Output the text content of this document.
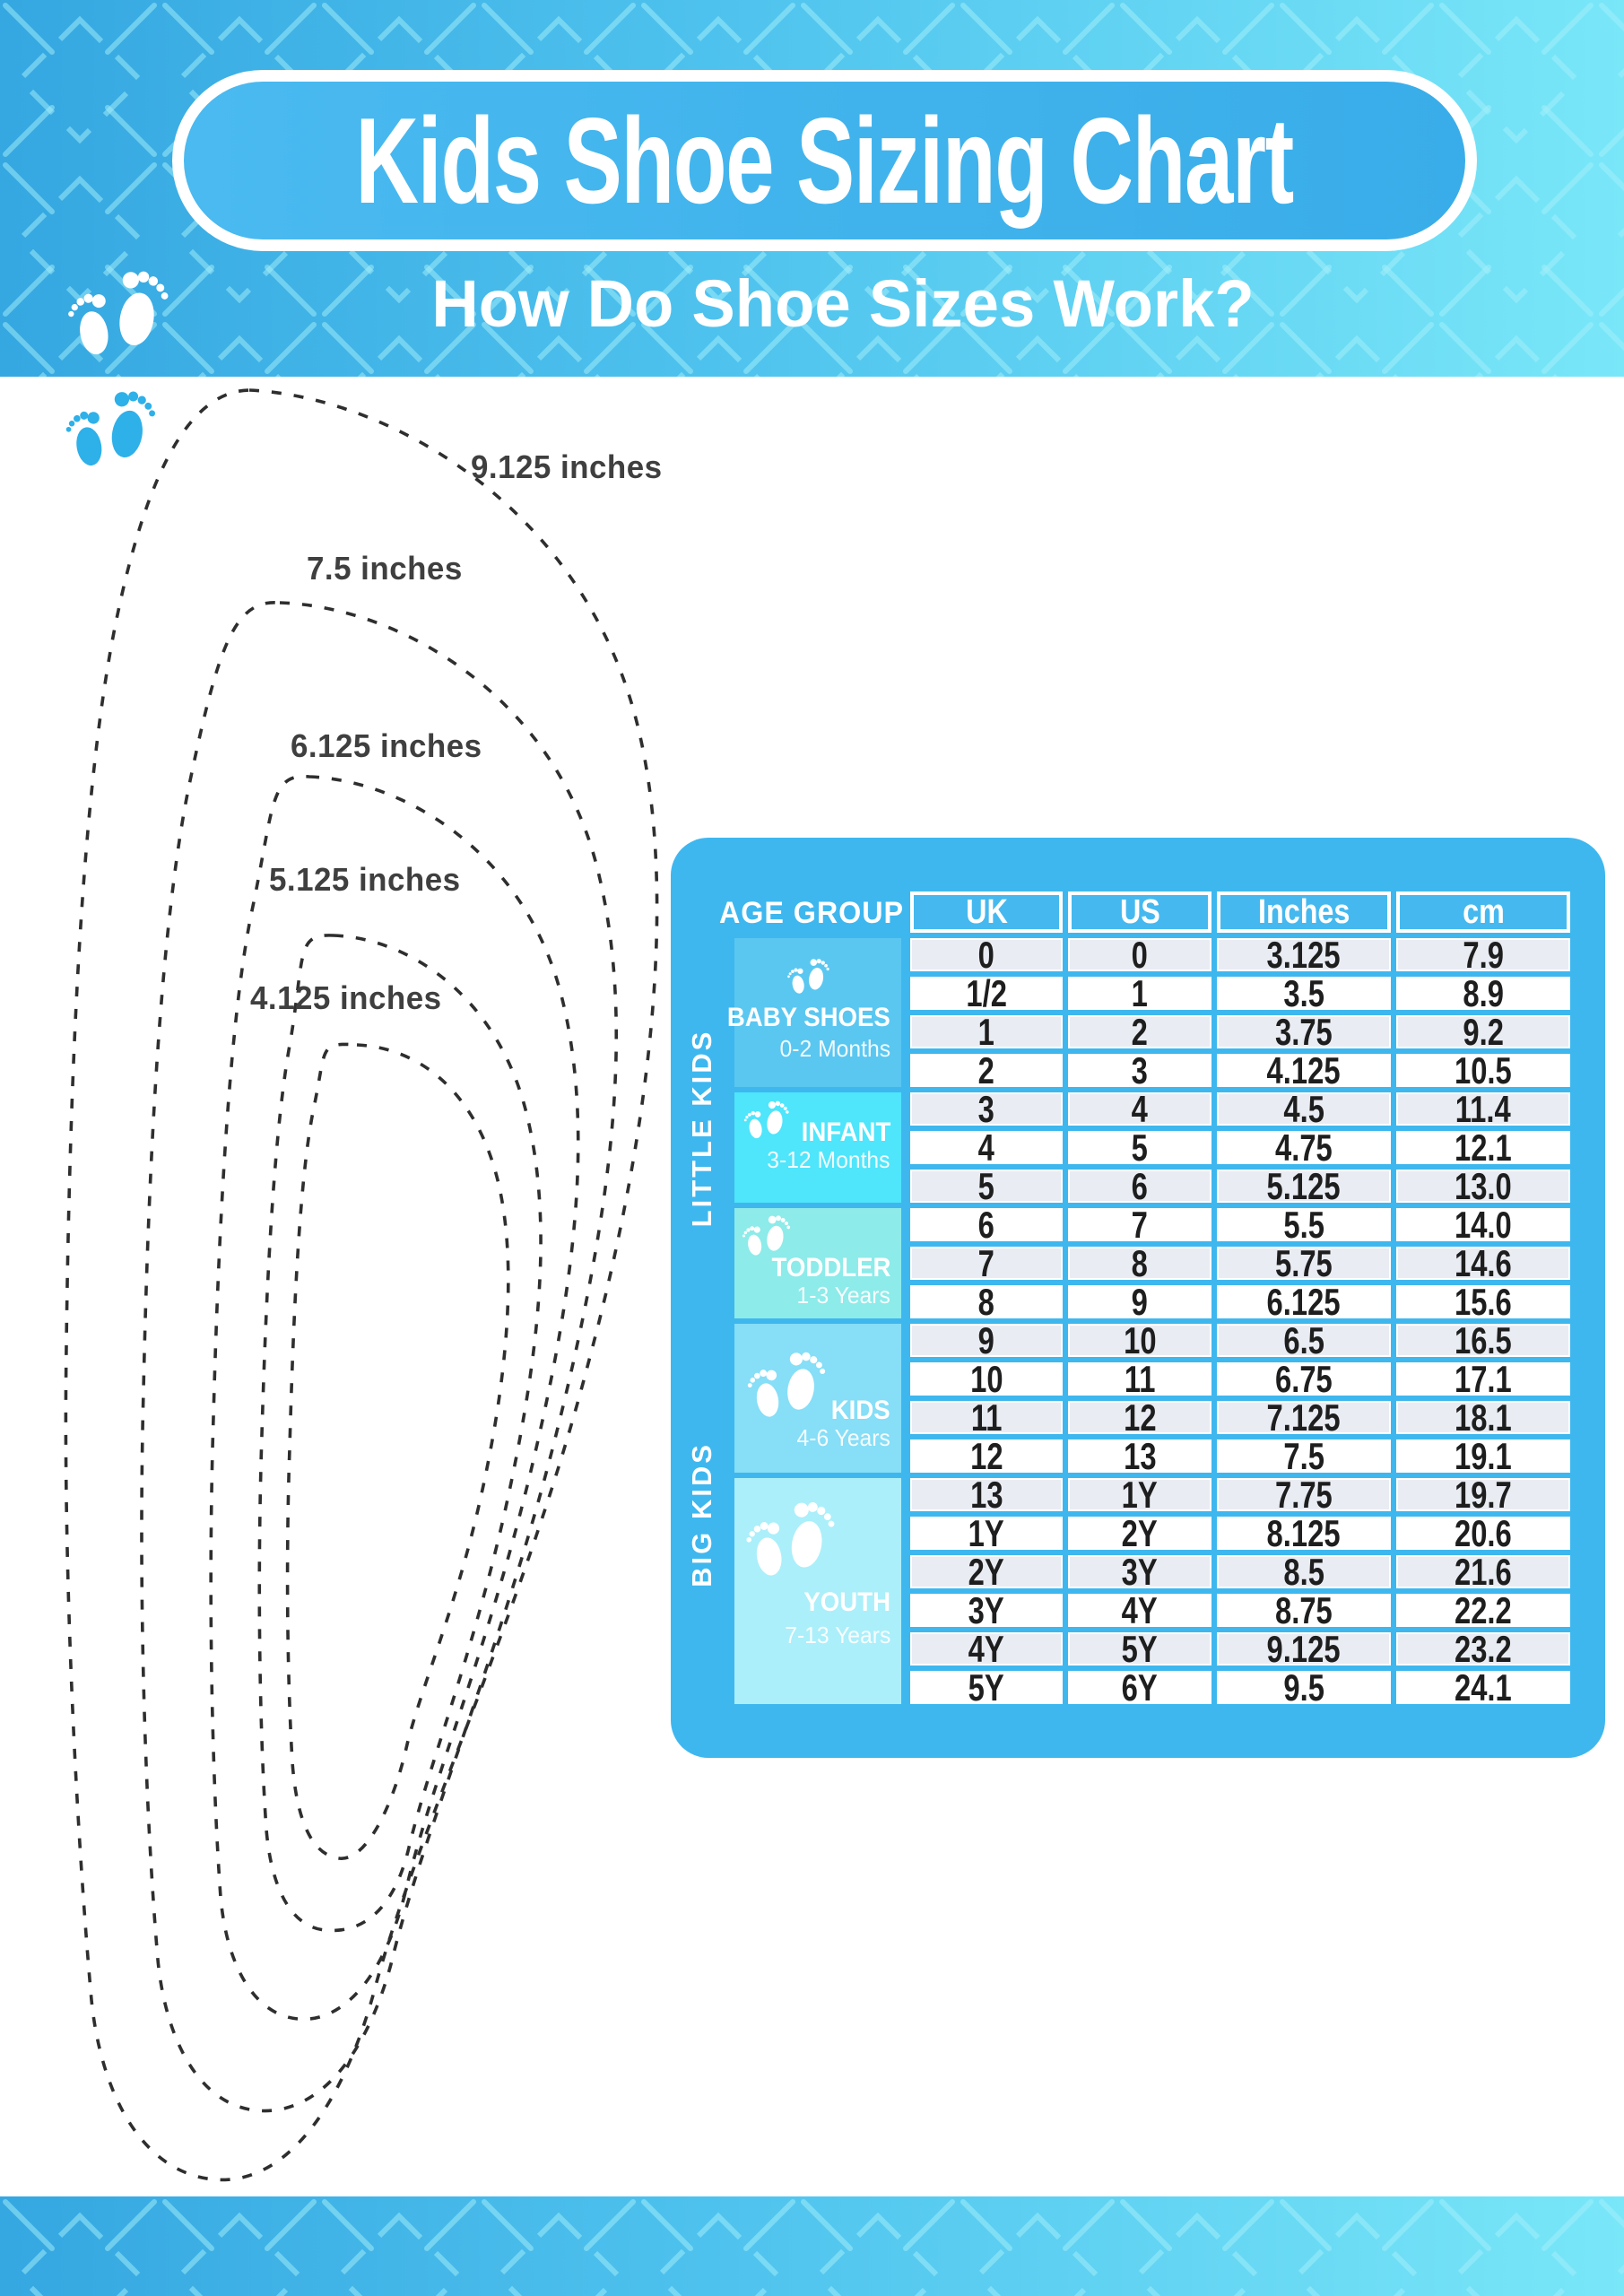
Kids Shoe Sizing Chart
How Do Shoe Sizes Work?
9.125 inches
7.5 inches
6.125 inches
5.125 inches
4.125 inches
AGE GROUP
LITTLE KIDS
BIG KIDS
BABY SHOES
0-2 Months
INFANT
3-12 Months
TODDLER
1-3 Years
KIDS
4-6 Years
YOUTH
7-13 Years
UK	US	Inches	cm
0	0	3.125	7.9
1/2	1	3.5	8.9
1	2	3.75	9.2
2	3	4.125	10.5
3	4	4.5	11.4
4	5	4.75	12.1
5	6	5.125	13.0
6	7	5.5	14.0
7	8	5.75	14.6
8	9	6.125	15.6
9	10	6.5	16.5
10	11	6.75	17.1
11	12	7.125	18.1
12	13	7.5	19.1
13	1Y	7.75	19.7
1Y	2Y	8.125	20.6
2Y	3Y	8.5	21.6
3Y	4Y	8.75	22.2
4Y	5Y	9.125	23.2
5Y	6Y	9.5	24.1
